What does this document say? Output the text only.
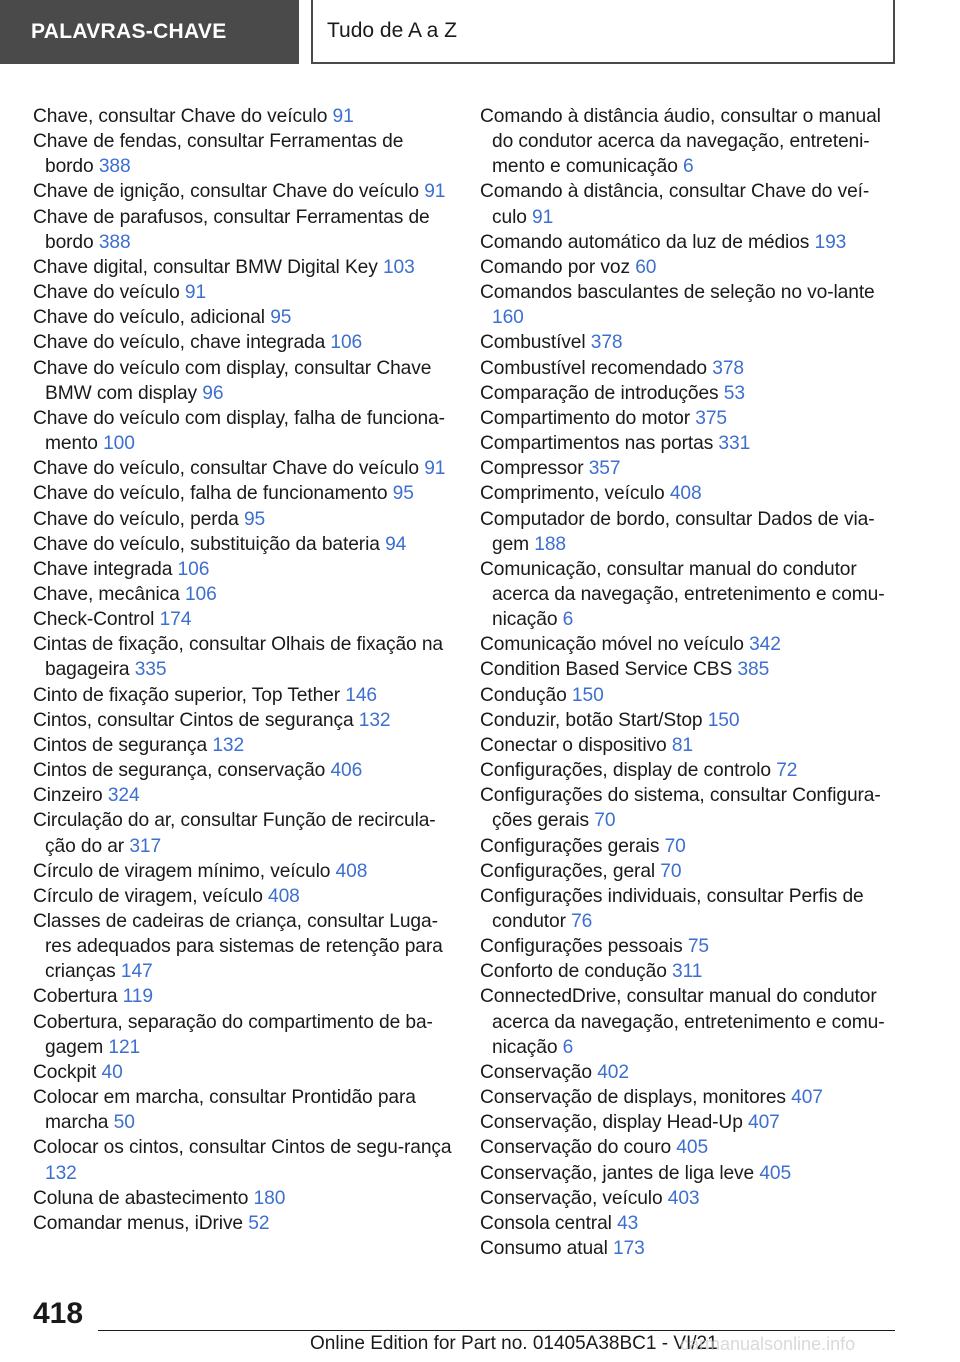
PALAVRAS-CHAVE	Tudo de A a Z

Chave, consultar Chave do veículo 91

Chave de fendas, consultar Ferramentas de bordo 388

Chave de ignição, consultar Chave do veículo 91

Chave de parafusos, consultar Ferramentas de bordo 388

Chave digital, consultar BMW Digital Key 103

Chave do veículo 91

Chave do veículo, adicional 95

Chave do veículo, chave integrada 106

Chave do veículo com display, consultar Chave BMW com display 96

Chave do veículo com display, falha de funciona-mento 100

Chave do veículo, consultar Chave do veículo 91

Chave do veículo, falha de funcionamento 95

Chave do veículo, perda 95

Chave do veículo, substituição da bateria 94

Chave integrada 106

Chave, mecânica 106

Check-Control 174

Cintas de fixação, consultar Olhais de fixação na bagageira 335

Cinto de fixação superior, Top Tether 146

Cintos, consultar Cintos de segurança 132

Cintos de segurança 132

Cintos de segurança, conservação 406

Cinzeiro 324

Circulação do ar, consultar Função de recircula-ção do ar 317

Círculo de viragem mínimo, veículo 408

Círculo de viragem, veículo 408

Classes de cadeiras de criança, consultar Luga-res adequados para sistemas de retenção para crianças 147

Cobertura 119

Cobertura, separação do compartimento de ba-gagem 121

Cockpit 40

Colocar em marcha, consultar Prontidão para marcha 50

Colocar os cintos, consultar Cintos de segu-rança 132

Coluna de abastecimento 180

Comandar menus, iDrive 52

Comando à distância áudio, consultar o manual do condutor acerca da navegação, entreteni-mento e comunicação 6

Comando à distância, consultar Chave do veí-culo 91

Comando automático da luz de médios 193

Comando por voz 60

Comandos basculantes de seleção no vo-lante 160

Combustível 378

Combustível recomendado 378

Comparação de introduções 53

Compartimento do motor 375

Compartimentos nas portas 331

Compressor 357

Comprimento, veículo 408

Computador de bordo, consultar Dados de via-gem 188

Comunicação, consultar manual do condutor acerca da navegação, entretenimento e comu-nicação 6

Comunicação móvel no veículo 342

Condition Based Service CBS 385

Condução 150

Conduzir, botão Start/Stop 150

Conectar o dispositivo 81

Configurações, display de controlo 72

Configurações do sistema, consultar Configura-ções gerais 70

Configurações gerais 70

Configurações, geral 70

Configurações individuais, consultar Perfis de condutor 76

Configurações pessoais 75

Conforto de condução 311

ConnectedDrive, consultar manual do condutor acerca da navegação, entretenimento e comu-nicação 6

Conservação 402

Conservação de displays, monitores 407

Conservação, display Head-Up 407

Conservação do couro 405

Conservação, jantes de liga leve 405

Conservação, veículo 403

Consola central 43

Consumo atual 173

418
Online Edition for Part no. 01405A38BC1 - VI/21
carmanualsonline.info
